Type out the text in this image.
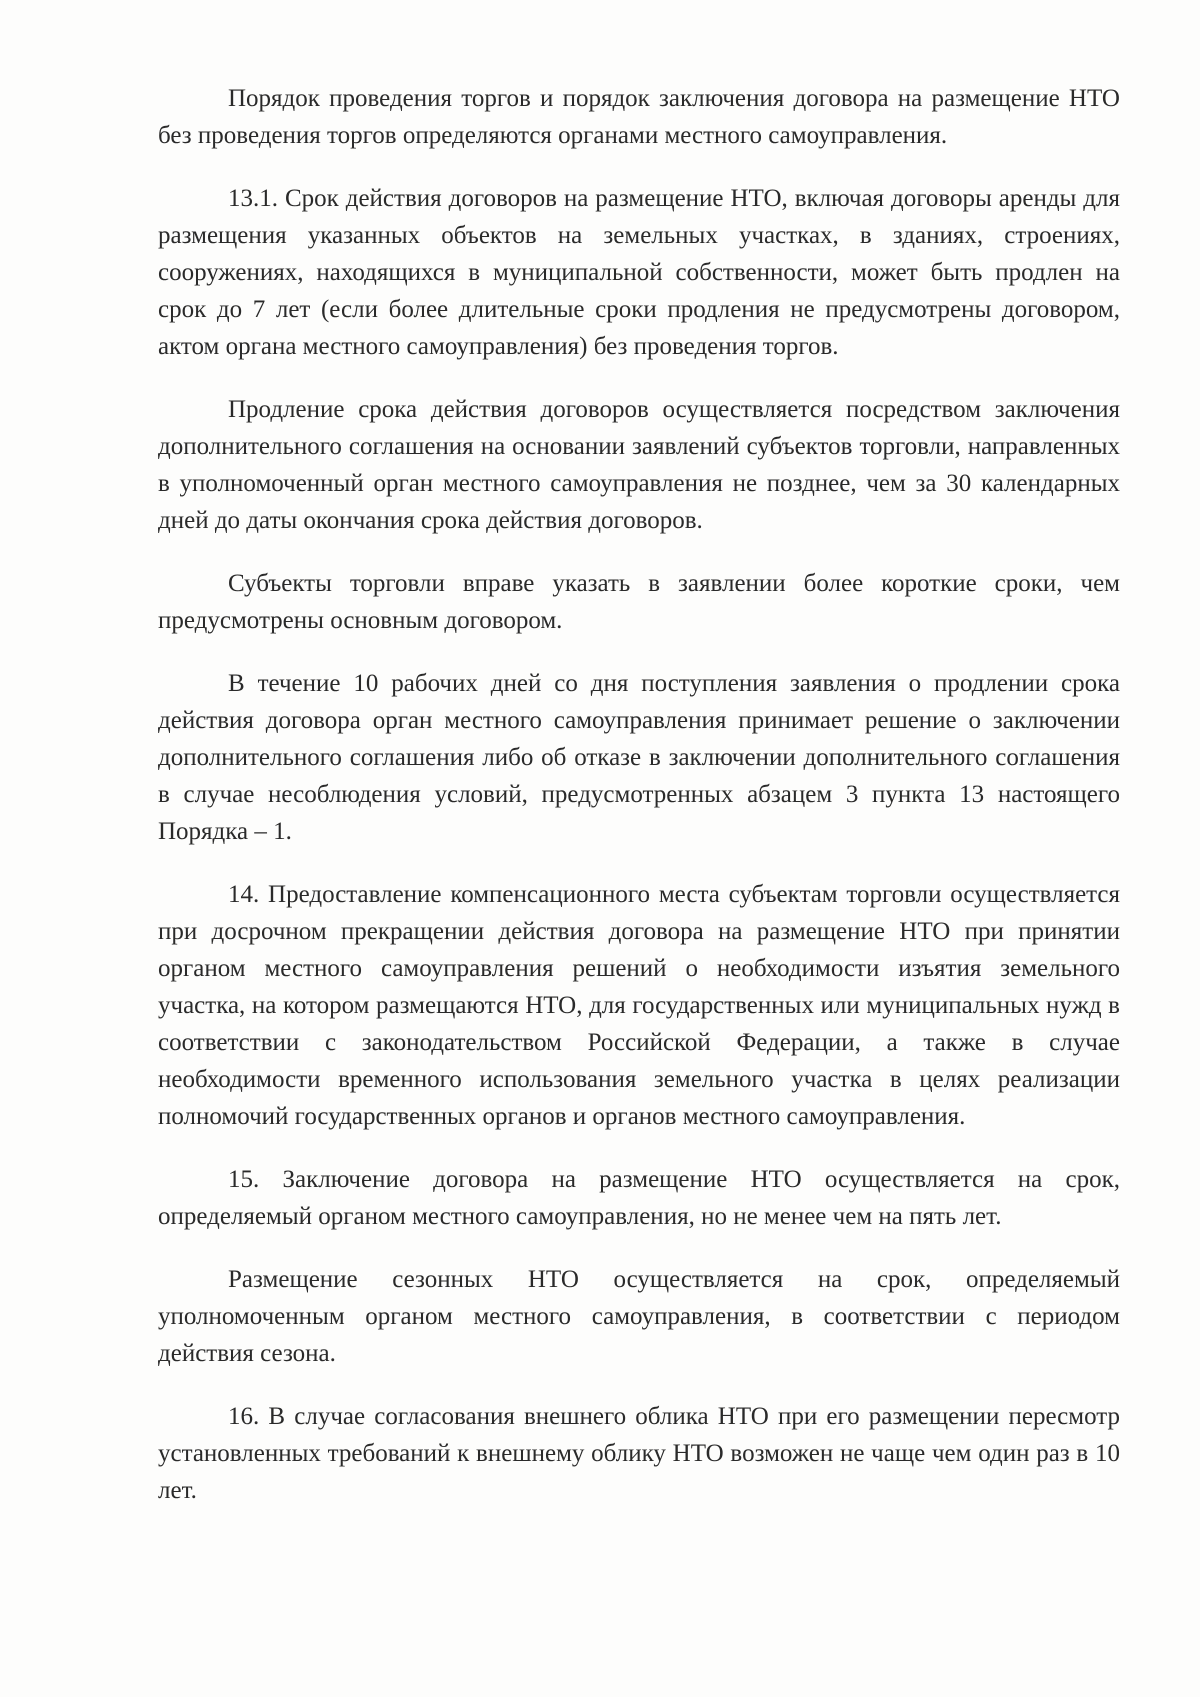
Порядок проведения торгов и порядок заключения договора на размещение НТО без проведения торгов определяются органами местного самоуправления.

13.1. Срок действия договоров на размещение НТО, включая договоры аренды для размещения указанных объектов на земельных участках, в зданиях, строениях, сооружениях, находящихся в муниципальной собственности, может быть продлен на срок до 7 лет (если более длительные сроки продления не предусмотрены договором, актом органа местного самоуправления) без проведения торгов.

Продление срока действия договоров осуществляется посредством заключения дополнительного соглашения на основании заявлений субъектов торговли, направленных в уполномоченный орган местного самоуправления не позднее, чем за 30 календарных дней до даты окончания срока действия договоров.

Субъекты торговли вправе указать в заявлении более короткие сроки, чем предусмотрены основным договором.

В течение 10 рабочих дней со дня поступления заявления о продлении срока действия договора орган местного самоуправления принимает решение о заключении дополнительного соглашения либо об отказе в заключении дополнительного соглашения в случае несоблюдения условий, предусмотренных абзацем 3 пункта 13 настоящего Порядка – 1.

14. Предоставление компенсационного места субъектам торговли осуществляется при досрочном прекращении действия договора на размещение НТО при принятии органом местного самоуправления решений о необходимости изъятия земельного участка, на котором размещаются НТО, для государственных или муниципальных нужд в соответствии с законодательством Российской Федерации, а также в случае необходимости временного использования земельного участка в целях реализации полномочий государственных органов и органов местного самоуправления.

15. Заключение договора на размещение НТО осуществляется на срок, определяемый органом местного самоуправления, но не менее чем на пять лет.

Размещение сезонных НТО осуществляется на срок, определяемый уполномоченным органом местного самоуправления, в соответствии с периодом действия сезона.

16. В случае согласования внешнего облика НТО при его размещении пересмотр установленных требований к внешнему облику НТО возможен не чаще чем один раз в 10 лет.
